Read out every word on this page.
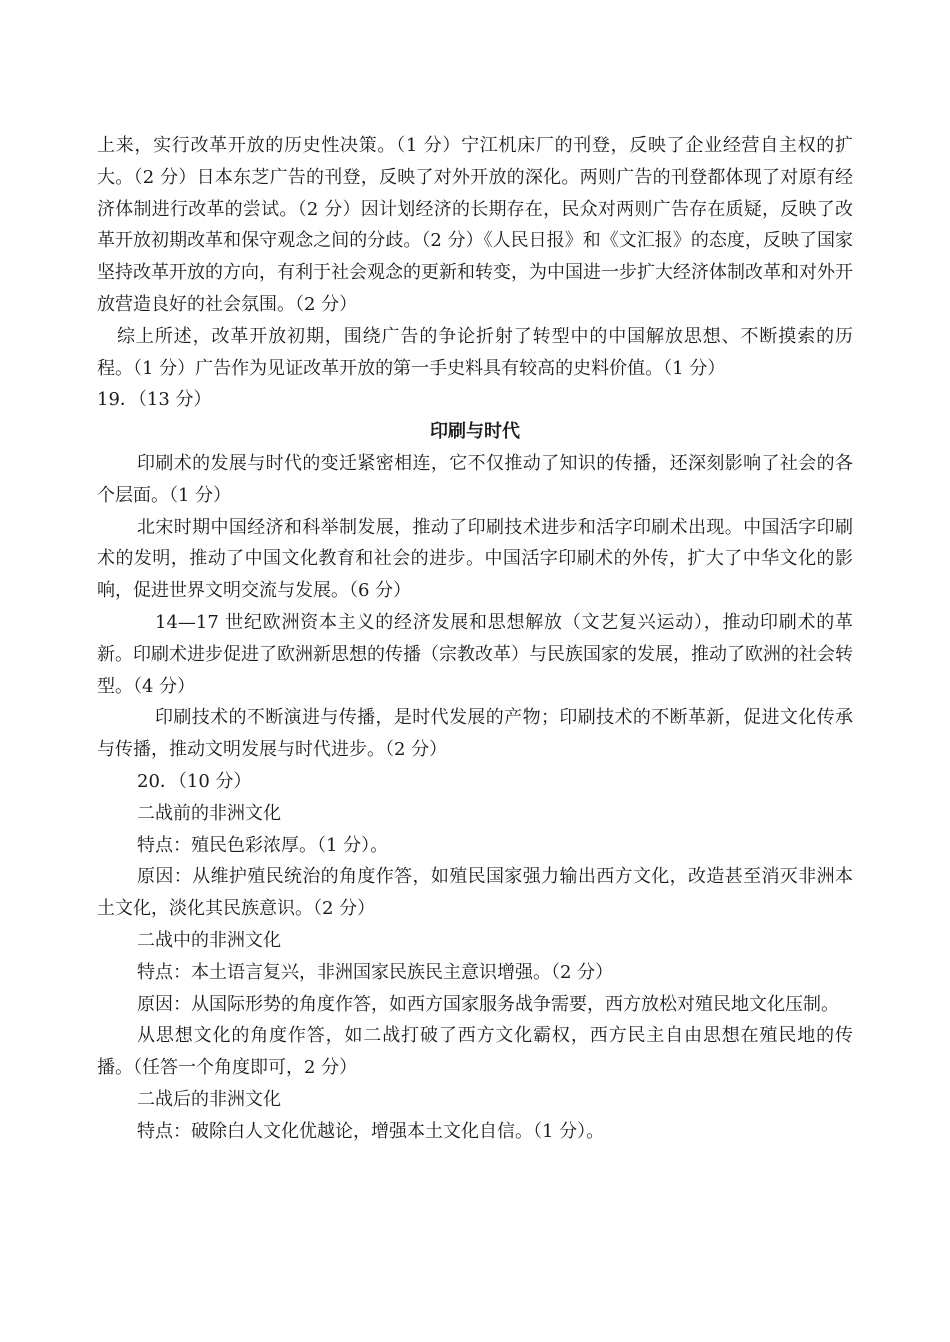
上来，实行改革开放的历史性决策。（1 分）宁江机床厂的刊登，反映了企业经营自主权的扩大。（2 分）日本东芝广告的刊登，反映了对外开放的深化。两则广告的刊登都体现了对原有经济体制进行改革的尝试。（2 分）因计划经济的长期存在，民众对两则广告存在质疑，反映了改革开放初期改革和保守观念之间的分歧。（2 分）《人民日报》和《文汇报》的态度，反映了国家坚持改革开放的方向，有利于社会观念的更新和转变，为中国进一步扩大经济体制改革和对外开放营造良好的社会氛围。（2 分）

综上所述，改革开放初期，围绕广告的争论折射了转型中的中国解放思想、不断摸索的历程。（1 分）广告作为见证改革开放的第一手史料具有较高的史料价值。（1 分）

19．（13 分）

印刷与时代

印刷术的发展与时代的变迁紧密相连，它不仅推动了知识的传播，还深刻影响了社会的各个层面。（1 分）

北宋时期中国经济和科举制发展，推动了印刷技术进步和活字印刷术出现。中国活字印刷术的发明，推动了中国文化教育和社会的进步。中国活字印刷术的外传，扩大了中华文化的影响，促进世界文明交流与发展。（6 分）

14—17 世纪欧洲资本主义的经济发展和思想解放（文艺复兴运动），推动印刷术的革新。印刷术进步促进了欧洲新思想的传播（宗教改革）与民族国家的发展，推动了欧洲的社会转型。（4 分）

印刷技术的不断演进与传播，是时代发展的产物；印刷技术的不断革新，促进文化传承与传播，推动文明发展与时代进步。（2 分）

20．（10 分）

二战前的非洲文化

特点：殖民色彩浓厚。（1 分）。

原因：从维护殖民统治的角度作答，如殖民国家强力输出西方文化，改造甚至消灭非洲本土文化，淡化其民族意识。（2 分）

二战中的非洲文化

特点：本土语言复兴，非洲国家民族民主意识增强。（2 分）

原因：从国际形势的角度作答，如西方国家服务战争需要，西方放松对殖民地文化压制。

从思想文化的角度作答，如二战打破了西方文化霸权，西方民主自由思想在殖民地的传播。（任答一个角度即可，2 分）

二战后的非洲文化

特点：破除白人文化优越论，增强本土文化自信。（1 分）。
